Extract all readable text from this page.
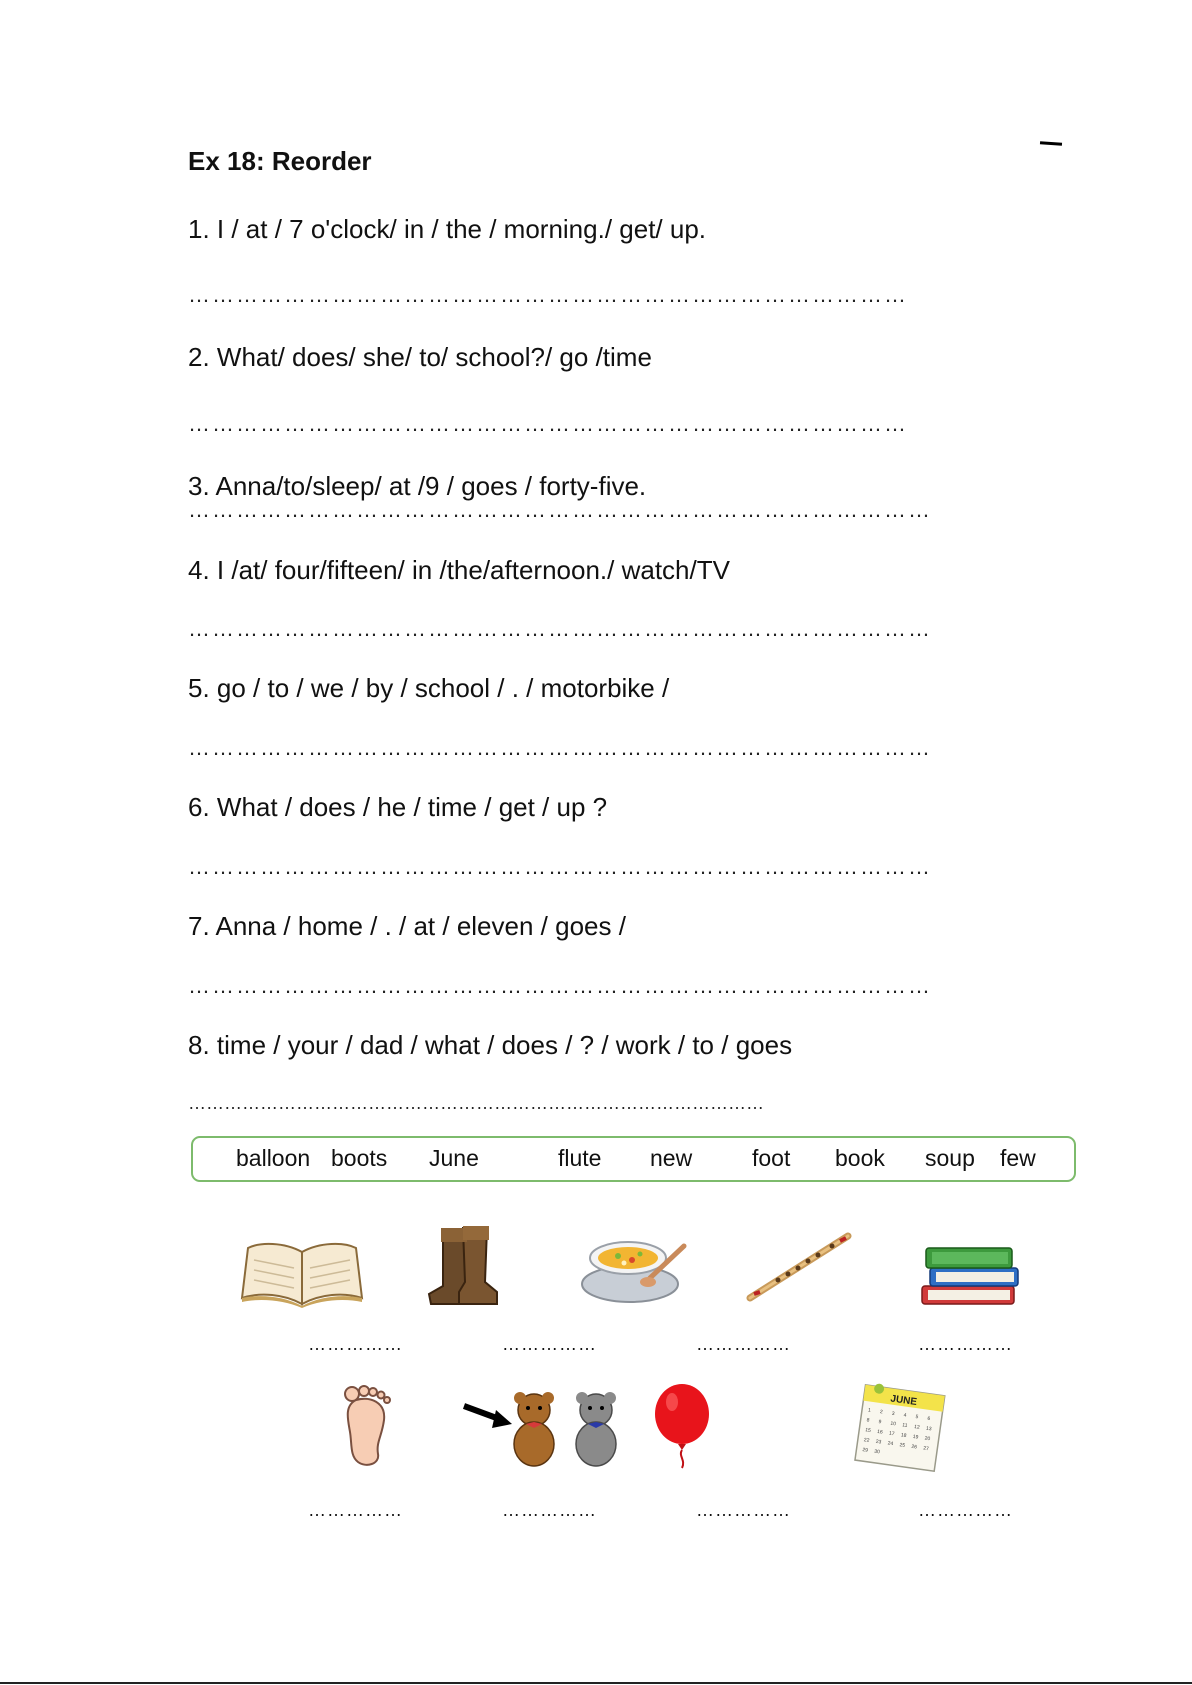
Ex 18: Reorder
1. I / at / 7 o'clock/ in / the / morning./ get/ up.
………………………………………………………………………………
2. What/ does/ she/ to/ school?/ go /time
………………………………………………………………………………
3. Anna/to/sleep/ at /9 / goes / forty-five.
…………………………………………………………………………………
4. I /at/ four/fifteen/ in /the/afternoon./ watch/TV
…………………………………………………………………………………
5. go / to / we / by / school / . / motorbike /
…………………………………………………………………………………
6. What / does / he / time / get / up ?
…………………………………………………………………………………
7. Anna / home / . / at / eleven / goes /
…………………………………………………………………………………
8. time / your / dad / what / does / ? / work / to / goes
……………………………………………………………………………………
balloon boots June	flute new	foot book soup few
……………	……………	……………	……………
JUNE
1 2 3 4 5 6
8 9 10 11 12 13
15 16 17 18 19 20
22 23 24 25 26 27
29 30
……………	……………	……………	……………
